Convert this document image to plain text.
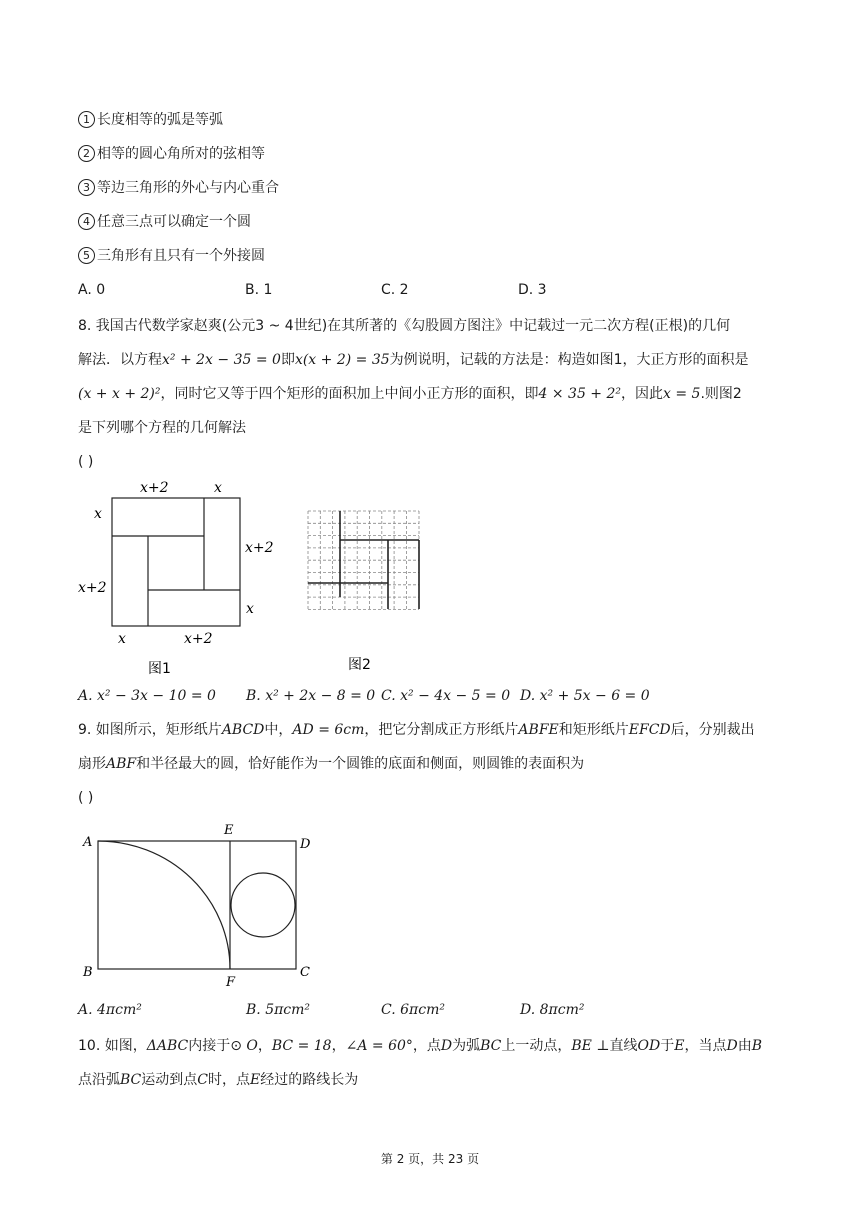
1 长度相等的弧是等弧
2 相等的圆心角所对的弦相等
3 等边三角形的外心与内心重合
4 任意三点可以确定一个圆
5 三角形有且只有一个外接圆
A. 0	B. 1	C. 2	D. 3
8. 我国古代数学家赵爽(公元3 ~ 4世纪)在其所著的《勾股圆方图注》中记载过一元二次方程(正根)的几何
解法．以方程x² + 2x − 35 = 0即x(x + 2) = 35为例说明，记载的方法是：构造如图1，大正方形的面积是
(x + x + 2)²，同时它又等于四个矩形的面积加上中间小正方形的面积，即4 × 35 + 2²，因此x = 5.则图2
是下列哪个方程的几何解法
( )
x+2	x
x
x+2
x+2
x
x	x+2
图1	图2
A. x² − 3x − 10 = 0 B. x² + 2x − 8 = 0 C. x² − 4x − 5 = 0 D. x² + 5x − 6 = 0
9. 如图所示，矩形纸片ABCD中，AD = 6cm，把它分割成正方形纸片ABFE和矩形纸片EFCD后，分别裁出
扇形ABF和半径最大的圆，恰好能作为一个圆锥的底面和侧面，则圆锥的表面积为
( )
A
E
D
B
F
C
A. 4πcm²	B. 5πcm²	C. 6πcm²	D. 8πcm²
10. 如图，ΔABC内接于⊙ O，BC = 18，∠A = 60°，点D为弧BC上一动点，BE ⊥直线OD于E，当点D由B
点沿弧BC运动到点C时，点E经过的路线长为
第 2 页，共 23 页
